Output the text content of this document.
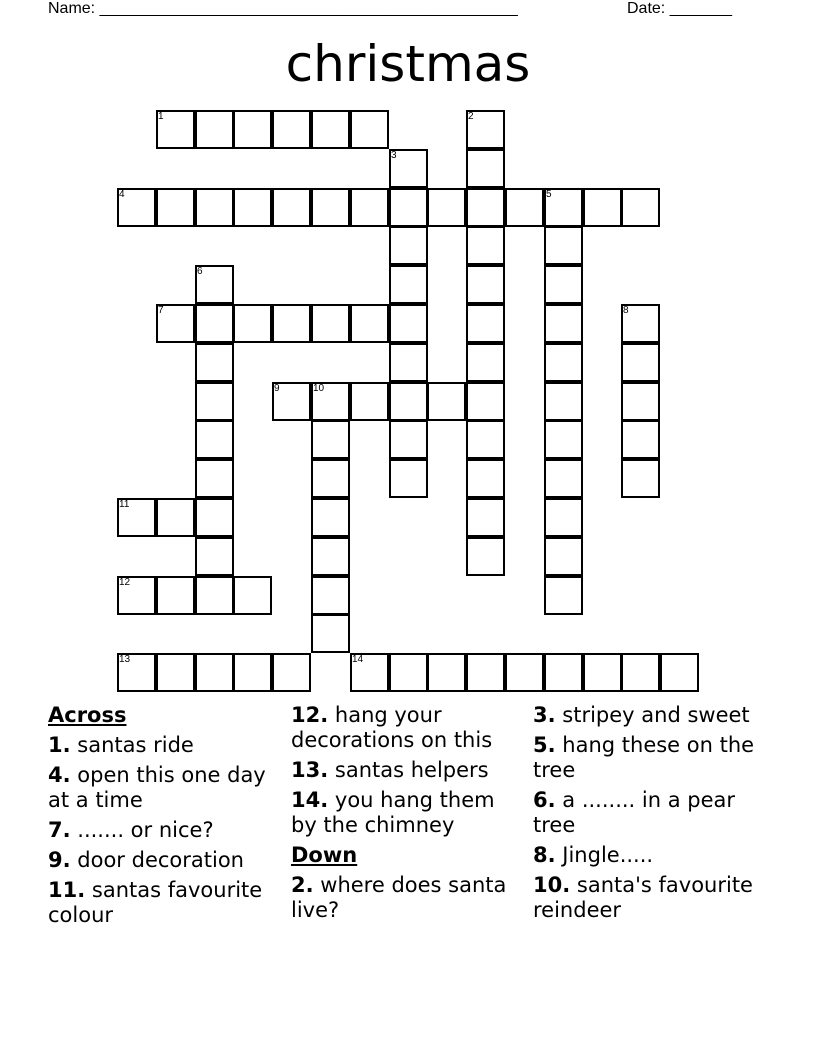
Name: _______________________________________________	Date: _______
christmas
1	2
3
4	5
6
7	8
9	10
11
12
13	14
Across
1. santas ride
4. open this one day at a time
7. ....... or nice?
9. door decoration
11. santas favourite colour
12. hang your decorations on this
13. santas helpers
14. you hang them by the chimney
Down
2. where does santa live?
3. stripey and sweet
5. hang these on the tree
6. a ........ in a pear tree
8. Jingle.....
10. santa's favourite reindeer
